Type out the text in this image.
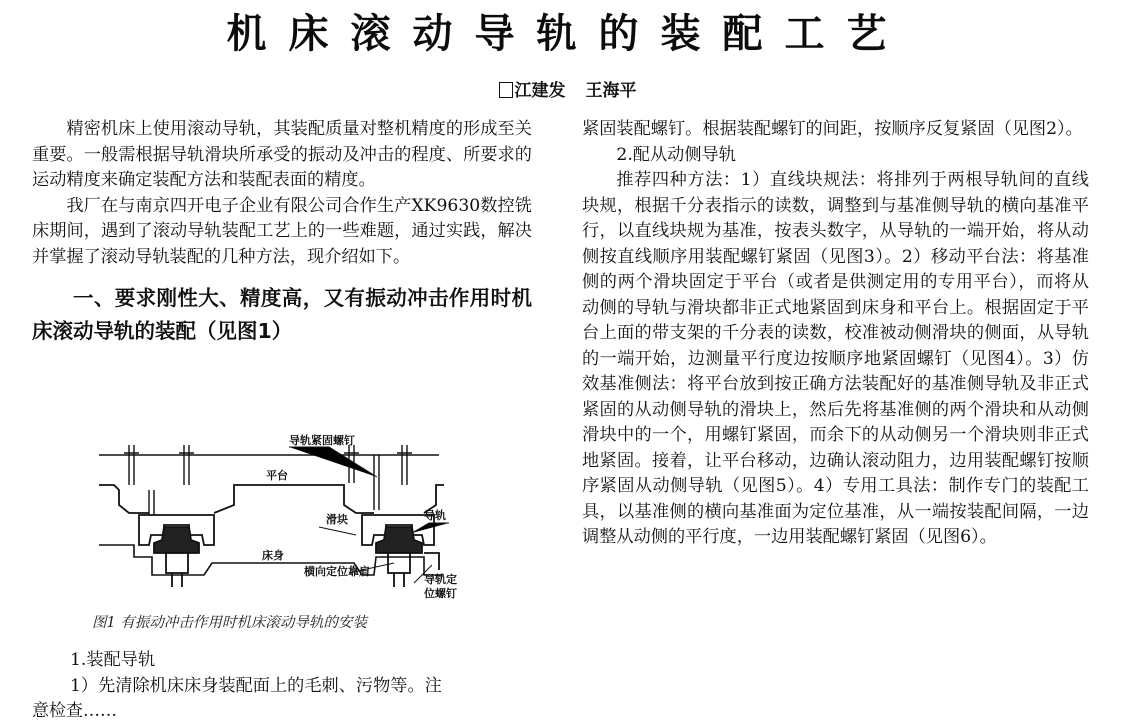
机床滚动导轨的装配工艺
江建发 王海平

精密机床上使用滚动导轨，其装配质量对整机精度的形成至关重要。一般需根据导轨滑块所承受的振动及冲击的程度、所要求的运动精度来确定装配方法和装配表面的精度。

我厂在与南京四开电子企业有限公司合作生产XK9630数控铣床期间，遇到了滚动导轨装配工艺上的一些难题，通过实践，解决并掌握了滚动导轨装配的几种方法，现介绍如下。

一、要求刚性大、精度高，又有振动冲击作用时机床滚动导轨的装配（见图1）

导轨紧固螺钉
平台
滑块	导轨
床身
横向定位靠肩
导轨定
位螺钉
图1 有振动冲击作用时机床滚动导轨的安装

1.装配导轨

1）先清除机床床身装配面上的毛刺、污物等。注

意检查……

紧固装配螺钉。根据装配螺钉的间距，按顺序反复紧固（见图2）。

2.配从动侧导轨

推荐四种方法：1）直线块规法：将排列于两根导轨间的直线块规，根据千分表指示的读数，调整到与基准侧导轨的横向基准平行，以直线块规为基准，按表头数字，从导轨的一端开始，将从动侧按直线顺序用装配螺钉紧固（见图3）。2）移动平台法：将基准侧的两个滑块固定于平台（或者是供测定用的专用平台），而将从动侧的导轨与滑块都非正式地紧固到床身和平台上。根据固定于平台上面的带支架的千分表的读数，校准被动侧滑块的侧面，从导轨的一端开始，边测量平行度边按顺序地紧固螺钉（见图4）。3）仿效基准侧法：将平台放到按正确方法装配好的基准侧导轨及非正式紧固的从动侧导轨的滑块上，然后先将基准侧的两个滑块和从动侧滑块中的一个，用螺钉紧固，而余下的从动侧另一个滑块则非正式地紧固。接着，让平台移动，边确认滚动阻力，边用装配螺钉按顺序紧固从动侧导轨（见图5）。4）专用工具法：制作专门的装配工具，以基准侧的横向基准面为定位基准，从一端按装配间隔，一边调整从动侧的平行度，一边用装配螺钉紧固（见图6）。
